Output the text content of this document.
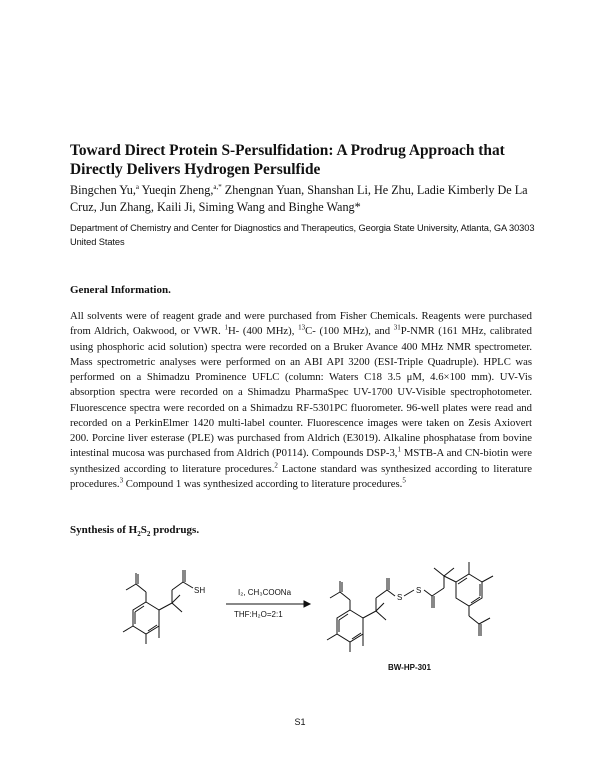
Toward Direct Protein S-Persulfidation: A Prodrug Approach that Directly Delivers Hydrogen Persulfide

Bingchen Yu,$^a$ Yueqin Zheng,$^{a,*}$ Zhengnan Yuan, Shanshan Li, He Zhu, Ladie Kimberly De La Cruz, Jun Zhang, Kaili Ji, Siming Wang and Binghe Wang*

Department of Chemistry and Center for Diagnostics and Therapeutics, Georgia State University, Atlanta, GA 30303 United States

General Information.

All solvents were of reagent grade and were purchased from Fisher Chemicals. Reagents were purchased from Aldrich, Oakwood, or VWR. $^1$H- (400 MHz), $^{13}$C- (100 MHz), and $^{31}$P-NMR (161 MHz, calibrated using phosphoric acid solution) spectra were recorded on a Bruker Avance 400 MHz NMR spectrometer. Mass spectrometric analyses were performed on an ABI API 3200 (ESI-Triple Quadruple). HPLC was performed on a Shimadzu Prominence UFLC (column: Waters C18 3.5 μM, 4.6×100 mm). UV-Vis absorption spectra were recorded on a Shimadzu PharmaSpec UV-1700 UV-Visible spectrophotometer. Fluorescence spectra were recorded on a Shimadzu RF-5301PC fluorometer. 96-well plates were read and recorded on a PerkinElmer 1420 multi-label counter. Fluorescence images were taken on Zesis Axiovert 200. Porcine liver esterase (PLE) was purchased from Aldrich (E3019). Alkaline phosphatase from bovine intestinal mucosa was purchased from Aldrich (P0114). Compounds DSP-3,$^1$ MSTB-A and CN-biotin were synthesized according to literature procedures.$^2$ Lactone standard was synthesized according to literature procedures.$^3$ Compound 1 was synthesized according to literature procedures.$^5$

Synthesis of $H_2S_2$ prodrugs.
SH	I₂, CH₃COONa
THF:H₂O=2:1
S
S
BW-HP-301
S1
